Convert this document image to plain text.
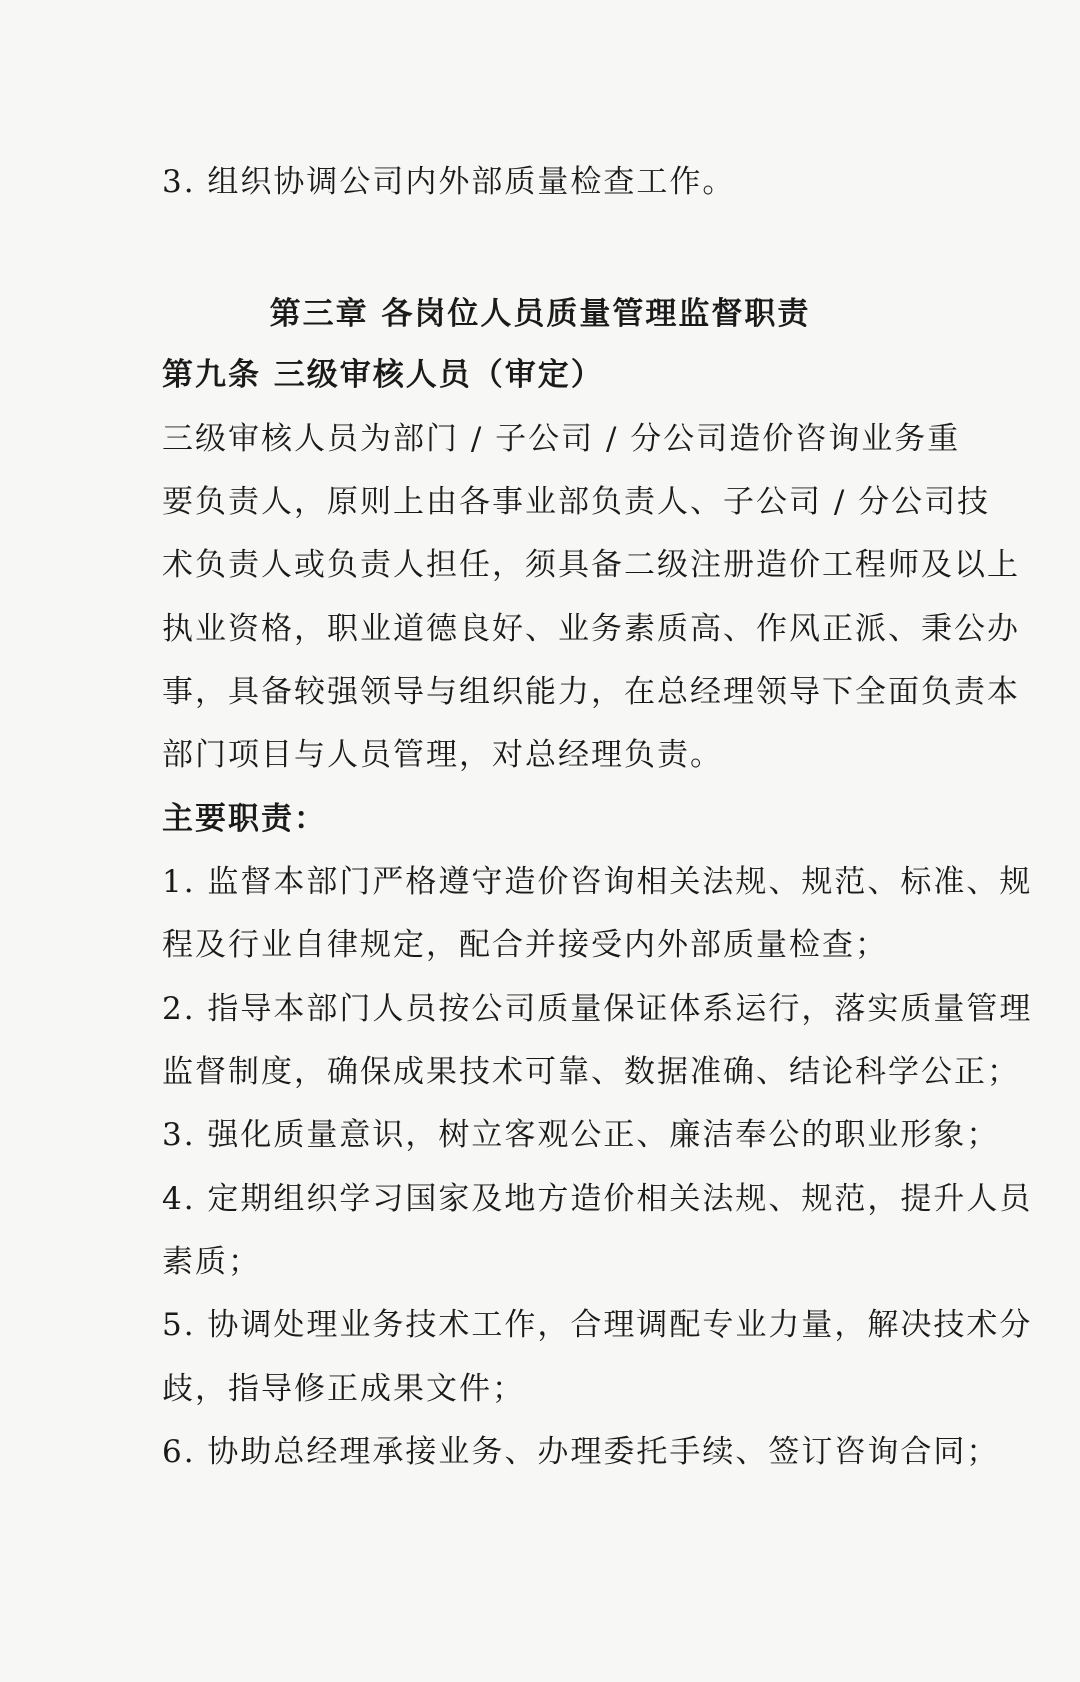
3. 组织协调公司内外部质量检查工作。
第三章 各岗位人员质量管理监督职责
第九条 三级审核人员（审定）
三级审核人员为部门 / 子公司 / 分公司造价咨询业务重
要负责人，原则上由各事业部负责人、子公司 / 分公司技
术负责人或负责人担任，须具备二级注册造价工程师及以上
执业资格，职业道德良好、业务素质高、作风正派、秉公办
事，具备较强领导与组织能力，在总经理领导下全面负责本
部门项目与人员管理，对总经理负责。
主要职责：
1. 监督本部门严格遵守造价咨询相关法规、规范、标准、规
程及行业自律规定，配合并接受内外部质量检查；
2. 指导本部门人员按公司质量保证体系运行，落实质量管理
监督制度，确保成果技术可靠、数据准确、结论科学公正；
3. 强化质量意识，树立客观公正、廉洁奉公的职业形象；
4. 定期组织学习国家及地方造价相关法规、规范，提升人员
素质；
5. 协调处理业务技术工作，合理调配专业力量，解决技术分
歧，指导修正成果文件；
6. 协助总经理承接业务、办理委托手续、签订咨询合同；
